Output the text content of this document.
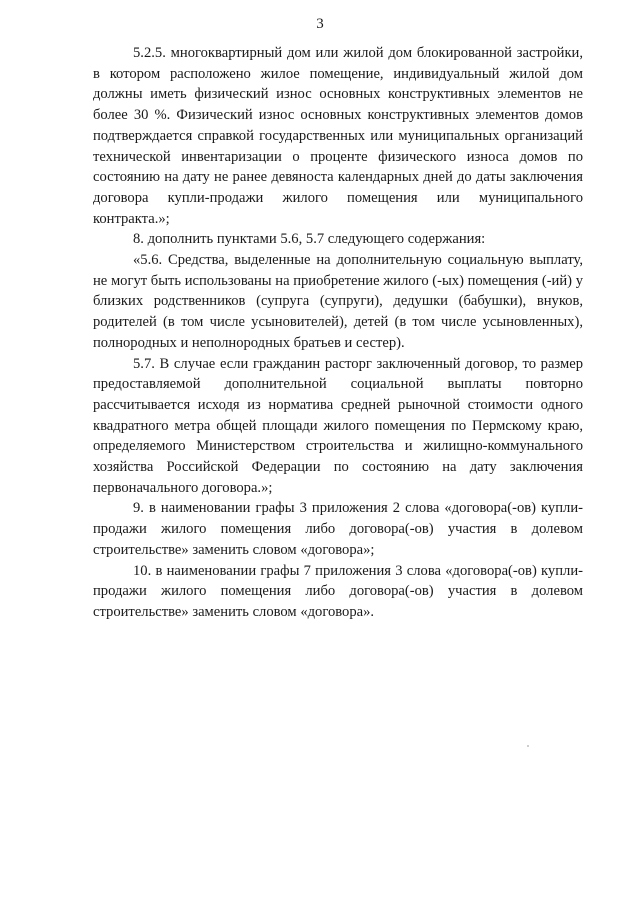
3

5.2.5. многоквартирный дом или жилой дом блокированной застройки, в котором расположено жилое помещение, индивидуальный жилой дом должны иметь физический износ основных конструктивных элементов не более 30 %. Физический износ основных конструктивных элементов домов подтверждается справкой государственных или муниципальных организаций технической инвентаризации о проценте физического износа домов по состоянию на дату не ранее девяноста календарных дней до даты заключения договора купли-продажи жилого помещения или муниципального контракта.»;

8. дополнить пунктами 5.6, 5.7 следующего содержания:

«5.6. Средства, выделенные на дополнительную социальную выплату, не могут быть использованы на приобретение жилого (-ых) помещения (-ий) у близких родственников (супруга (супруги), дедушки (бабушки), внуков, родителей (в том числе усыновителей), детей (в том числе усыновленных), полнородных и неполнородных братьев и сестер).

5.7. В случае если гражданин расторг заключенный договор, то размер предоставляемой дополнительной социальной выплаты повторно рассчитывается исходя из норматива средней рыночной стоимости одного квадратного метра общей площади жилого помещения по Пермскому краю, определяемого Министерством строительства и жилищно-коммунального хозяйства Российской Федерации по состоянию на дату заключения первоначального договора.»;

9. в наименовании графы 3 приложения 2 слова «договора(-ов) купли-продажи жилого помещения либо договора(-ов) участия в долевом строительстве» заменить словом «договора»;

10. в наименовании графы 7 приложения 3 слова «договора(-ов) купли-продажи жилого помещения либо договора(-ов) участия в долевом строительстве» заменить словом «договора».
